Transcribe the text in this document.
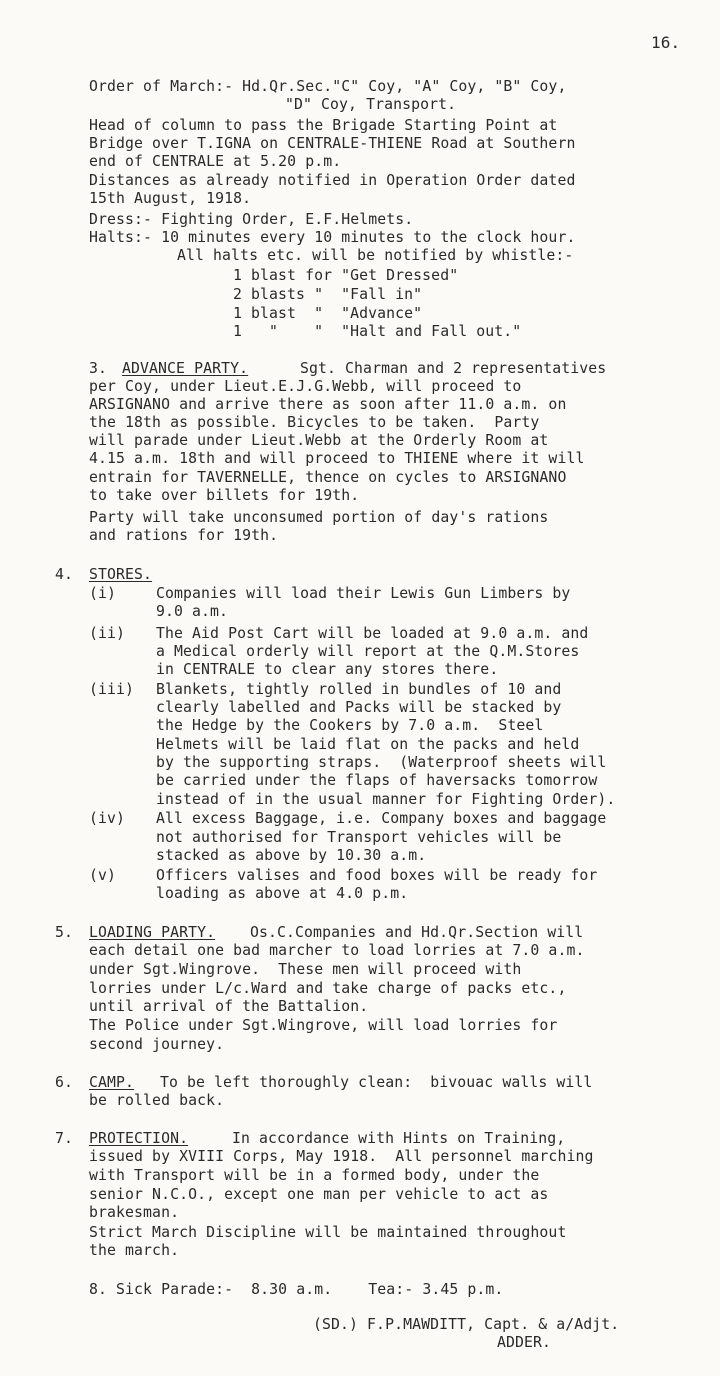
16.
Order of March:- Hd.Qr.Sec."C" Coy, "A" Coy, "B" Coy,
"D" Coy, Transport.
Head of column to pass the Brigade Starting Point at
Bridge over T.IGNA on CENTRALE-THIENE Road at Southern
end of CENTRALE at 5.20 p.m.
Distances as already notified in Operation Order dated
15th August, 1918.
Dress:- Fighting Order, E.F.Helmets.
Halts:- 10 minutes every 10 minutes to the clock hour.
All halts etc. will be notified by whistle:-
1 blast for "Get Dressed"
2 blasts "  "Fall in"
1 blast  "  "Advance"
1   "    "  "Halt and Fall out."
3. ADVANCE PARTY.	Sgt. Charman and 2 representatives
per Coy, under Lieut.E.J.G.Webb, will proceed to
ARSIGNANO and arrive there as soon after 11.0 a.m. on
the 18th as possible. Bicycles to be taken.  Party
will parade under Lieut.Webb at the Orderly Room at
4.15 a.m. 18th and will proceed to THIENE where it will
entrain for TAVERNELLE, thence on cycles to ARSIGNANO
to take over billets for 19th.
Party will take unconsumed portion of day's rations
and rations for 19th.
4. STORES.
(i)	Companies will load their Lewis Gun Limbers by
9.0 a.m.
(ii) The Aid Post Cart will be loaded at 9.0 a.m. and
a Medical orderly will report at the Q.M.Stores
in CENTRALE to clear any stores there.
(iii) Blankets, tightly rolled in bundles of 10 and
clearly labelled and Packs will be stacked by
the Hedge by the Cookers by 7.0 a.m.  Steel
Helmets will be laid flat on the packs and held
by the supporting straps.  (Waterproof sheets will
be carried under the flaps of haversacks tomorrow
instead of in the usual manner for Fighting Order).
(iv) All excess Baggage, i.e. Company boxes and baggage
not authorised for Transport vehicles will be
stacked as above by 10.30 a.m.
(v)	Officers valises and food boxes will be ready for
loading as above at 4.0 p.m.
5. LOADING PARTY. Os.C.Companies and Hd.Qr.Section will
each detail one bad marcher to load lorries at 7.0 a.m.
under Sgt.Wingrove.  These men will proceed with
lorries under L/c.Ward and take charge of packs etc.,
until arrival of the Battalion.
The Police under Sgt.Wingrove, will load lorries for
second journey.
6. CAMP. To be left thoroughly clean:  bivouac walls will
be rolled back.
7. PROTECTION.	In accordance with Hints on Training,
issued by XVIII Corps, May 1918.  All personnel marching
with Transport will be in a formed body, under the
senior N.C.O., except one man per vehicle to act as
brakesman.
Strict March Discipline will be maintained throughout
the march.
8. Sick Parade:-  8.30 a.m.    Tea:- 3.45 p.m.
(SD.) F.P.MAWDITT, Capt. & a/Adjt.
ADDER.
